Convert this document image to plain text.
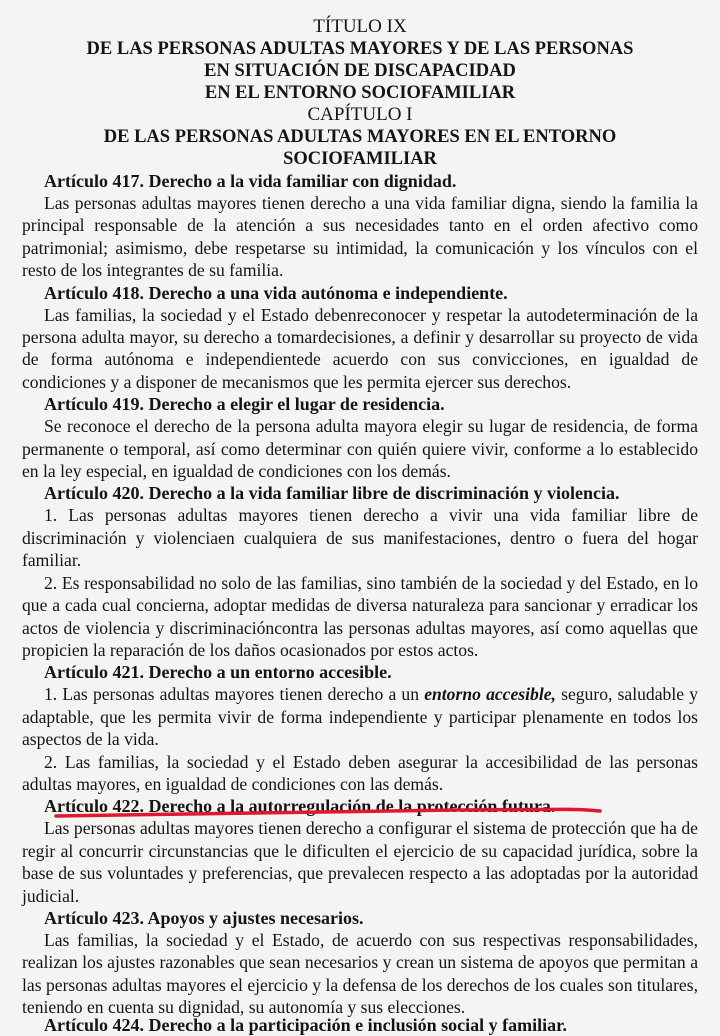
TÍTULO IX
DE LAS PERSONAS ADULTAS MAYORES Y DE LAS PERSONAS
EN SITUACIÓN DE DISCAPACIDAD
EN EL ENTORNO SOCIOFAMILIAR
CAPÍTULO I
DE LAS PERSONAS ADULTAS MAYORES EN EL ENTORNO
SOCIOFAMILIAR

Artículo 417. Derecho a la vida familiar con dignidad.

Las personas adultas mayores tienen derecho a una vida familiar digna, siendo la familia la principal responsable de la atención a sus necesidades tanto en el orden afectivo como patrimonial; asimismo, debe respetarse su intimidad, la comunicación y los vínculos con el resto de los integrantes de su familia.

Artículo 418. Derecho a una vida autónoma e independiente.

Las familias, la sociedad y el Estado debenreconocer y respetar la autodeterminación de la persona adulta mayor, su derecho a tomardecisiones, a definir y desarrollar su proyecto de vida de forma autónoma e independientede acuerdo con sus convicciones, en igualdad de condiciones y a disponer de mecanismos que les permita ejercer sus derechos.

Artículo 419. Derecho a elegir el lugar de residencia.

Se reconoce el derecho de la persona adulta mayora elegir su lugar de residencia, de forma permanente o temporal, así como determinar con quién quiere vivir, conforme a lo establecido en la ley especial, en igualdad de condiciones con los demás.

Artículo 420. Derecho a la vida familiar libre de discriminación y violencia.

1. Las personas adultas mayores tienen derecho a vivir una vida familiar libre de discriminación y violenciaen cualquiera de sus manifestaciones, dentro o fuera del hogar familiar.

2. Es responsabilidad no solo de las familias, sino también de la sociedad y del Estado, en lo que a cada cual concierna, adoptar medidas de diversa naturaleza para sancionar y erradicar los actos de violencia y discriminacióncontra las personas adultas mayores, así como aquellas que propicien la reparación de los daños ocasionados por estos actos.

Artículo 421. Derecho a un entorno accesible.

1. Las personas adultas mayores tienen derecho a un entorno accesible, seguro, saludable y adaptable, que les permita vivir de forma independiente y participar plenamente en todos los aspectos de la vida.

2. Las familias, la sociedad y el Estado deben asegurar la accesibilidad de las personas adultas mayores, en igualdad de condiciones con las demás.

Artículo 422. Derecho a la autorregulación de la protección futura.

Las personas adultas mayores tienen derecho a configurar el sistema de protección que ha de regir al concurrir circunstancias que le dificulten el ejercicio de su capacidad jurídica, sobre la base de sus voluntades y preferencias, que prevalecen respecto a las adoptadas por la autoridad judicial.

Artículo 423. Apoyos y ajustes necesarios.

Las familias, la sociedad y el Estado, de acuerdo con sus respectivas responsabilidades, realizan los ajustes razonables que sean necesarios y crean un sistema de apoyos que permitan a las personas adultas mayores el ejercicio y la defensa de los derechos de los cuales son titulares, teniendo en cuenta su dignidad, su autonomía y sus elecciones.

Artículo 424. Derecho a la participación e inclusión social y familiar.
